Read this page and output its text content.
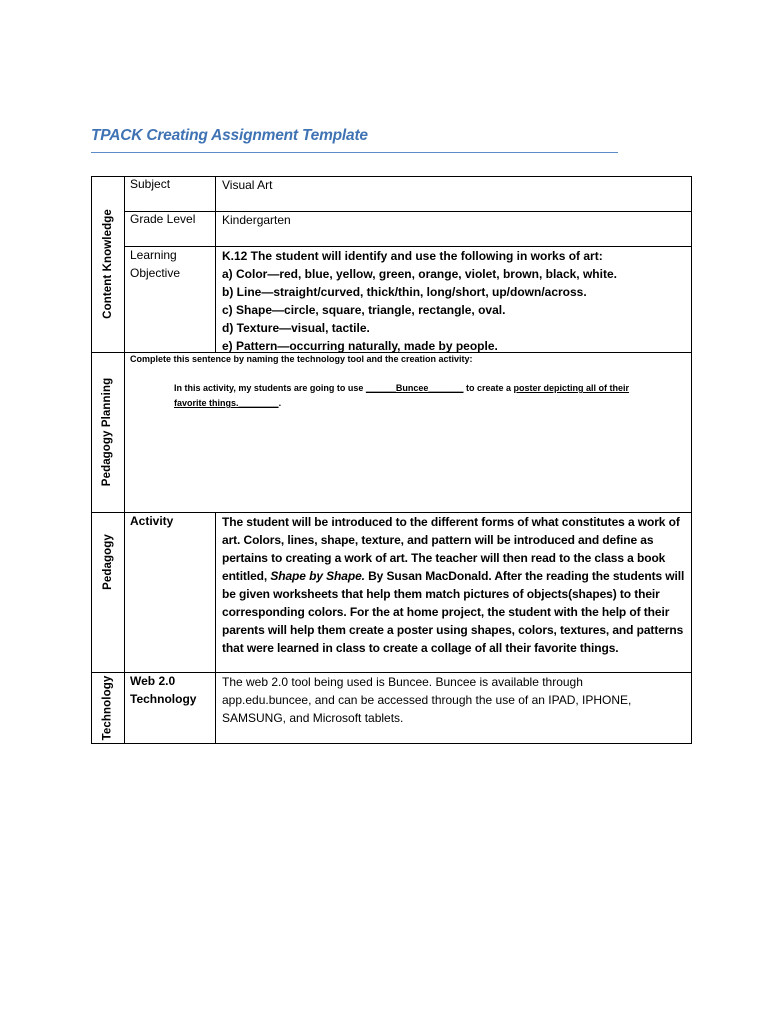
TPACK Creating Assignment Template
Content Knowledge
Pedagogy Planning
Pedagogy
Technology
Subject	Visual Art
Grade Level Kindergarten
Learning
Objective
K.12 The student will identify and use the following in works of art:
a) Color—red, blue, yellow, green, orange, violet, brown, black, white.
b) Line—straight/curved, thick/thin, long/short, up/down/across.
c) Shape—circle, square, triangle, rectangle, oval.
d) Texture—visual, tactile.
e) Pattern—occurring naturally, made by people.
Complete this sentence by naming the technology tool and the creation activity:
In this activity, my students are going to use ______Buncee_______ to create a poster depicting all of their
favorite things.________.
Activity	The student will be introduced to the different forms of what constitutes a work of art. Colors, lines, shape, texture, and pattern will be introduced and define as pertains to creating a work of art. The teacher will then read to the class a book entitled, Shape by Shape. By Susan MacDonald. After the reading the students will be given worksheets that help them match pictures of objects(shapes) to their corresponding colors. For the at home project, the student with the help of their parents will help them create a poster using shapes, colors, textures, and patterns that were learned in class to create a collage of all their favorite things.
Web 2.0
Technology
The web 2.0 tool being used is Buncee. Buncee is available through app.edu.buncee, and can be accessed through the use of an IPAD, IPHONE, SAMSUNG, and Microsoft tablets.
